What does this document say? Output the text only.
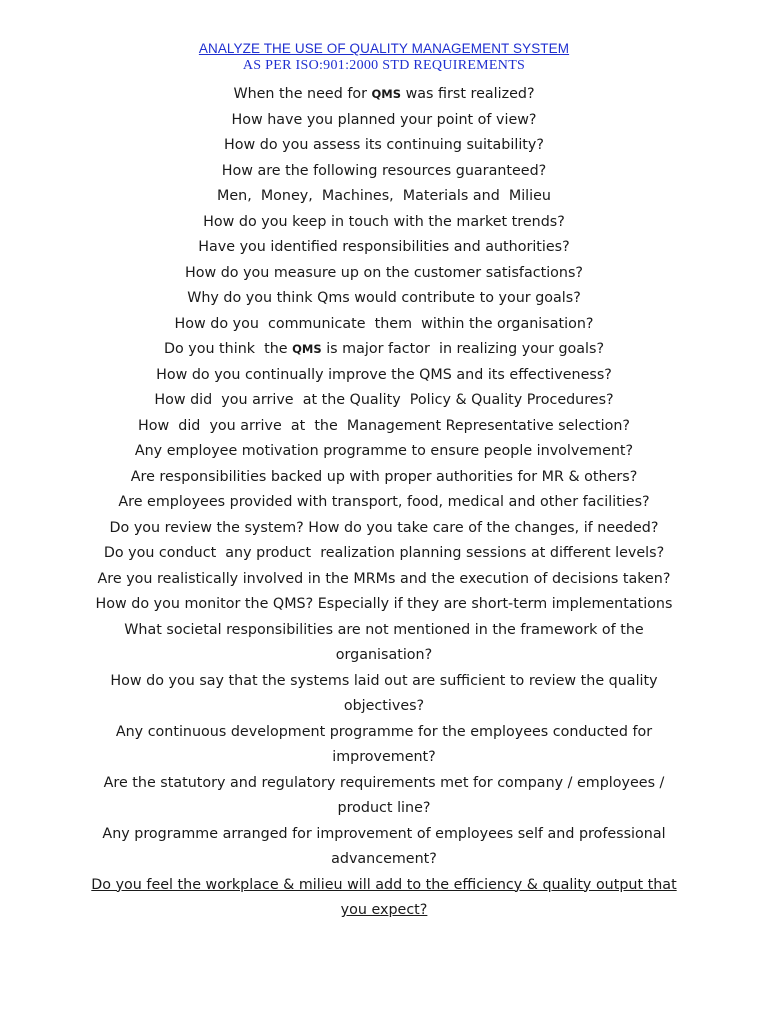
ANALYZE THE USE OF QUALITY MANAGEMENT SYSTEM
AS PER ISO:901:2000 STD REQUIREMENTS
When the need for QMS was first realized?
How have you planned your point of view?
How do you assess its continuing suitability?
How are the following resources guaranteed?
Men,  Money,  Machines,  Materials and  Milieu
How do you keep in touch with the market trends?
Have you identified responsibilities and authorities?
How do you measure up on the customer satisfactions?
Why do you think Qms would contribute to your goals?
How do you  communicate  them  within the organisation?
Do you think  the QMS is major factor  in realizing your goals?
How do you continually improve the QMS and its effectiveness?
How did  you arrive  at the Quality  Policy & Quality Procedures?
How  did  you arrive  at  the  Management Representative selection?
Any employee motivation programme to ensure people involvement?
Are responsibilities backed up with proper authorities for MR & others?
Are employees provided with transport, food, medical and other facilities?
Do you review the system? How do you take care of the changes, if needed?
Do you conduct  any product  realization planning sessions at different levels?
Are you realistically involved in the MRMs and the execution of decisions taken?
How do you monitor the QMS? Especially if they are short-term implementations
What societal responsibilities are not mentioned in the framework of the
organisation?
How do you say that the systems laid out are sufficient to review the quality
objectives?
Any continuous development programme for the employees conducted for
improvement?
Are the statutory and regulatory requirements met for company / employees /
product line?
Any programme arranged for improvement of employees self and professional
advancement?
Do you feel the workplace & milieu will add to the efficiency & quality output that
you expect?
